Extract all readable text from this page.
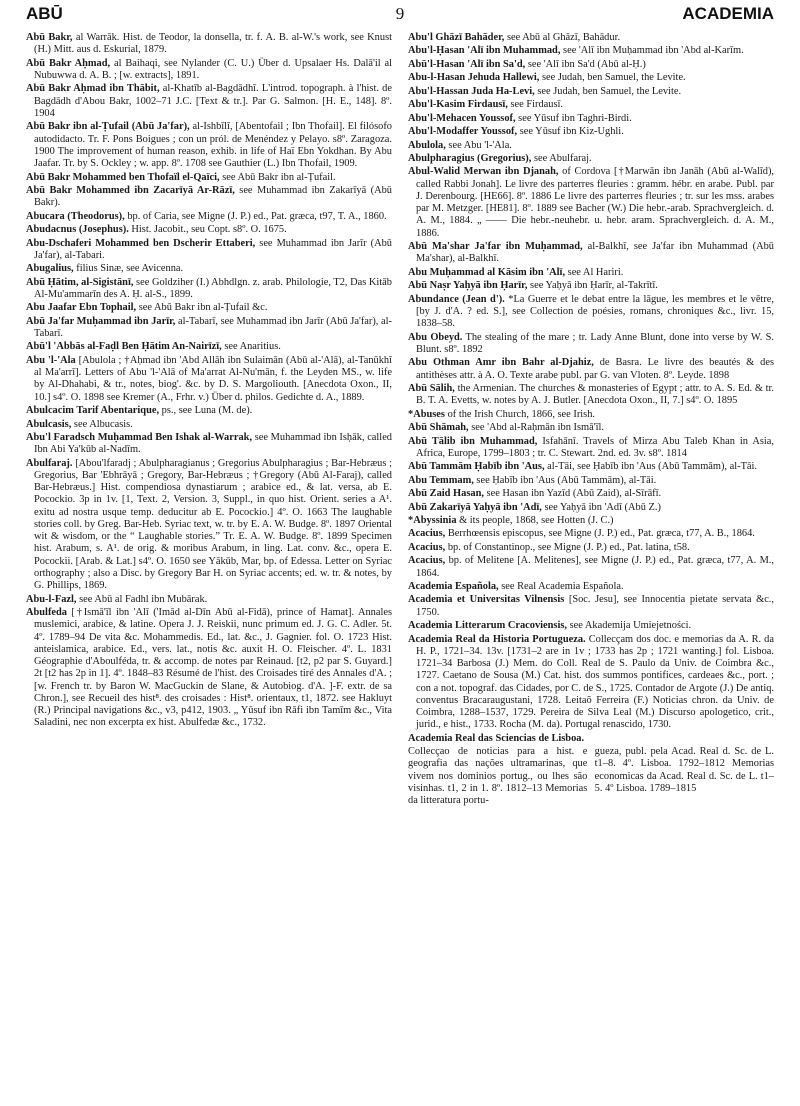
ABŪ	9	ACADEMIA
Abū Bakr, al Warrāk. Hist. de Teodor, la donsella, tr. f. A. B. al-W.'s work, see Knust (H.) Mitt. aus d. Eskurial, 1879.
Abū Bakr Aḥmad, al Baihaqi, see Nylander (C. U.) Über d. Upsalaer Hs. Dalā'il al Nubuwwa d. A. B. ; [w. extracts], 1891.
Abū Bakr Aḥmad ibn Thābit, al-Khatīb al-Bagdādhī. L'introd. topograph. à l'hist. de Bagdādh d'Abou Bakr, 1002–71 J.C. [Text & tr.]. Par G. Salmon. [H. E., 148]. 8º. 1904
Abū Bakr ibn al-Ṭufail (Abū Ja'far), al-Ishbīlī, [Abentofail ; Ibn Thofail]. El filósofo autodidacto. Tr. F. Pons Boigues ; con un pról. de Menéndez y Pelayo. s8º. Zaragoza. 1900 The improvement of human reason, exhib. in life of Haï Ebn Yokdhan. By Abu Jaafar. Tr. by S. Ockley ; w. app. 8º. 1708 see Gauthier (L.) Ibn Thofail, 1909.
Abū Bakr Mohammed ben Thofaïl el-Qaïci, see Abū Bakr ibn al-Ṭufail.
Abū Bakr Mohammed ibn Zacarīyā Ar-Rāzī, see Muhammad ibn Zakarīyā (Abū Bakr).
Abucara (Theodorus), bp. of Caria, see Migne (J. P.) ed., Pat. græca, t97, T. A., 1860.
Abudacnus (Josephus). Hist. Jacobit., seu Copt. s8º. O. 1675.
Abu-Dschaferi Mohammed ben Dscherir Ettaberi, see Muhammad ibn Jarīr (Abū Ja'far), al-Tabari.
Abugalius, filius Sinæ, see Avicenna.
Abū Ḥātim, al-Sigistānī, see Goldziher (I.) Abhdlgn. z. arab. Philologie, T2, Das Kitāb Al-Mu'ammarīn des A. Ḥ. al-S., 1899.
Abu Jaafar Ebn Tophail, see Abū Bakr ibn al-Ṭufail &c.
Abū Ja'far Muḥammad ibn Jarīr, al-Tabarī, see Muhammad ibn Jarīr (Abū Ja'far), al-Tabarī.
Abū'l 'Abbās al-Faḍl Ben Ḥātim An-Nairīzī, see Anaritius.
Abu 'l-'Ala [Abulola ; †Aḥmad ibn 'Abd Allāh ibn Sulaimān (Abū al-'Alā), al-Tanūkhī al Ma'arrī]. Letters of Abu 'l-'Alā of Ma'arrat Al-Nu'mān, f. the Leyden MS., w. life by Al-Dhahabi, & tr., notes, biog'. &c. by D. S. Margoliouth. [Anecdota Oxon., II, 10.] s4º. O. 1898 see Kremer (A., Frhr. v.) Über d. philos. Gedichte d. A., 1889.
Abulcacim Tarif Abentarique, ps., see Luna (M. de).
Abulcasis, see Albucasis.
Abu'l Faradsch Muḥammad Ben Ishak al-Warrak, see Muhammad ibn Isḥāk, called Ibn Abi Ya'kūb al-Nadīm.
Abulfaraj. [Abou'lfaradj ; Abulpharagianus ; Gregorius Abulpharagius ; Bar-Hebræus ; Gregorius, Bar 'Ebhrāyā ; Gregory, Bar-Hebræus ; †Gregory (Abū Al-Faraj), called Bar-Hebræus.] Hist. compendiosa dynastiarum ; arabice ed., & lat. versa, ab E. Pocockio. 3p in 1v. [1, Text. 2, Version. 3, Suppl., in quo hist. Orient. series a A¹. exitu ad nostra usque temp. deducitur ab E. Pocockio.] 4º. O. 1663 The laughable stories coll. by Greg. Bar-Heb. Syriac text, w. tr. by E. A. W. Budge. 8º. 1897 Oriental wit & wisdom, or the “ Laughable stories.” Tr. E. A. W. Budge. 8º. 1899 Specimen hist. Arabum, s. A¹. de orig. & moribus Arabum, in ling. Lat. conv. &c., opera E. Pocockii. [Arab. & Lat.] s4º. O. 1650 see Yākūb, Mar, bp. of Edessa. Letter on Syriac orthography ; also a Disc. by Gregory Bar H. on Syriac accents; ed. w. tr. & notes, by G. Phillips, 1869.
Abu-l-Fazl, see Abū al Fadhl ibn Mubārak.
Abulfeda [†Ismā'īl ibn 'Alī ('Imād al-Dīn Abū al-Fidā), prince of Hamat]. Annales muslemici, arabice, & latine. Opera J. J. Reiskii, nunc primum ed. J. G. C. Adler. 5t. 4º. 1789–94 De vita &c. Mohammedis. Ed., lat. &c., J. Gagnier. fol. O. 1723 Hist. anteislamica, arabice. Ed., vers. lat., notis &c. auxit H. O. Fleischer. 4º. L. 1831 Géographie d'Aboulféda, tr. & accomp. de notes par Reinaud. [t2, p2 par S. Guyard.] 2t [t2 has 2p in 1]. 4º. 1848–83 Résumé de l'hist. des Croisades tiré des Annales d'A. ; [w. French tr. by Baron W. MacGuckin de Slane, & Autobiog. d'A. ]-F. extr. de sa Chron.], see Recueil des hist⁸. des croisades : Hist⁸. orientaux, t1, 1872. see Hakluyt (R.) Principal navigations &c., v3, p412, 1903. „ Yūsuf ibn Rāfi ibn Tamīm &c., Vita Saladini, nec non excerpta ex hist. Abulfedæ &c., 1732.
Abu'l Ghāzī Bahāder, see Abū al Ghāzī, Bahādur.
Abu'l-Ḥasan 'Alī ibn Muhammad, see 'Alī ibn Muḥammad ibn 'Abd al-Karīm.
Abū'l-Hasan 'Alī ibn Sa'd, see 'Alī ibn Sa'd (Abū al-Ḥ.)
Abu-l-Hasan Jehuda Hallewi, see Judah, ben Samuel, the Levite.
Abu'l-Hassan Juda Ha-Levi, see Judah, ben Samuel, the Levite.
Abu'l-Kasim Firdausī, see Firdausī.
Abu'l-Mehacen Youssof, see Yūsuf ibn Taghri-Birdi.
Abu'l-Modaffer Youssof, see Yūsuf ibn Kiz-Ughli.
Abulola, see Abu 'l-'Ala.
Abulpharagius (Gregorius), see Abulfaraj.
Abul-Walid Merwan ibn Djanah, of Cordova [†Marwān ibn Janāh (Abū al-Walīd), called Rabbi Jonah]. Le livre des parterres fleuries : gramm. hébr. en arabe. Publ. par J. Derenbourg. [HE66]. 8º. 1886 Le livre des parterres fleuries ; tr. sur les mss. arabes par M. Metzger. [HE81]. 8º. 1889 see Bacher (W.) Die hebr.-arab. Sprachvergleich. d. A. M., 1884. „ —— Die hebr.-neuhebr. u. hebr. aram. Sprachvergleich. d. A. M., 1886.
Abū Ma'shar Ja'far ibn Muḥammad, al-Balkhī, see Ja'far ibn Muhammad (Abū Ma'shar), al-Balkhī.
Abu Muḥammad al Kāsim ibn 'Alī, see Al Hariri.
Abū Naṣr Yaḥyā ibn Ḥarīr, see Yaḥyā ibn Ḥarīr, al-Takrītī.
Abundance (Jean d'). *La Guerre et le debat entre la lāgue, les membres et le vētre, [by J. d'A. ? ed. S.], see Collection de poésies, romans, chroniques &c., livr. 15, 1838–58.
Abu Obeyd. The stealing of the mare ; tr. Lady Anne Blunt, done into verse by W. S. Blunt. s8º. 1892
Abu Othman Amr ibn Bahr al-Djahiz, de Basra. Le livre des beautés & des antithèses attr. à A. O. Texte arabe publ. par G. van Vloten. 8º. Leyde. 1898
Abū Sālih, the Armenian. The churches & monasteries of Egypt ; attr. to A. S. Ed. & tr. B. T. A. Evetts, w. notes by A. J. Butler. [Anecdota Oxon., II, 7.] s4º. O. 1895
*Abuses of the Irish Church, 1866, see Irish.
Abū Shāmah, see 'Abd al-Raḥmān ibn Ismā'īl.
Abū Tālib ibn Muhammad, Isfahānī. Travels of Mirza Abu Taleb Khan in Asia, Africa, Europe, 1799–1803 ; tr. C. Stewart. 2nd. ed. 3v. s8º. 1814
Abū Tammām Ḥabīb ibn 'Aus, al-Tāi, see Ḥabīb ibn 'Aus (Abū Tammām), al-Tāi.
Abu Temmam, see Ḥabīb ibn 'Aus (Abū Tammām), al-Tāi.
Abū Zaid Hasan, see Hasan ibn Yazīd (Abū Zaid), al-Sīrāfī.
Abū Zakarīyā Yaḥyā ibn 'Adī, see Yaḥyā ibn 'Adī (Abū Z.)
*Abyssinia & its people, 1868, see Hotten (J. C.)
Acacius, Berrhœensis episcopus, see Migne (J. P.) ed., Pat. græca, t77, A. B., 1864.
Acacius, bp. of Constantinop., see Migne (J. P.) ed., Pat. latina, t58.
Acacius, bp. of Melitene [A. Melitenes], see Migne (J. P.) ed., Pat. græca, t77, A. M., 1864.
Academia Española, see Real Academia Española.
Academia et Universitas Vilnensis [Soc. Jesu], see Innocentia pietate servata &c., 1750.
Academia Litterarum Cracoviensis, see Akademija Umiejetności.
Academia Real da Historia Portugueza. Collecçam dos doc. e memorias da A. R. da H. P., 1721–34. 13v. [1731–2 are in 1v ; 1733 has 2p ; 1721 wanting.] fol. Lisboa. 1721–34 Barbosa (J.) Mem. do Coll. Real de S. Paulo da Univ. de Coimbra &c., 1727. Caetano de Sousa (M.) Cat. hist. dos summos pontifices, cardeaes &c., port. ; con a not. topograf. das Cidades, por C. de S., 1725. Contador de Argote (J.) De antiq. conventus Bracaraugustani, 1728. Leitaõ Ferreira (F.) Noticias chron. da Univ. de Coimbra, 1288–1537, 1729. Pereira de Silva Leal (M.) Discurso apologetico, crit., jurid., e hist., 1733. Rocha (M. da). Portugal renascido, 1730.
Academia Real das Sciencias de Lisboa.
Collecçao de noticias para a hist. e geografia das nações ultramarinas, que vivem nos dominios portug., ou lhes são visinhas. t1, 2 in 1. 8º. 1812–13 Memorias da litteratura portu-
gueza, publ. pela Acad. Real d. Sc. de L. t1–8. 4º. Lisboa. 1792–1812 Memorias economicas da Acad. Real d. Sc. de L. t1–5. 4º Lisboa. 1789–1815
